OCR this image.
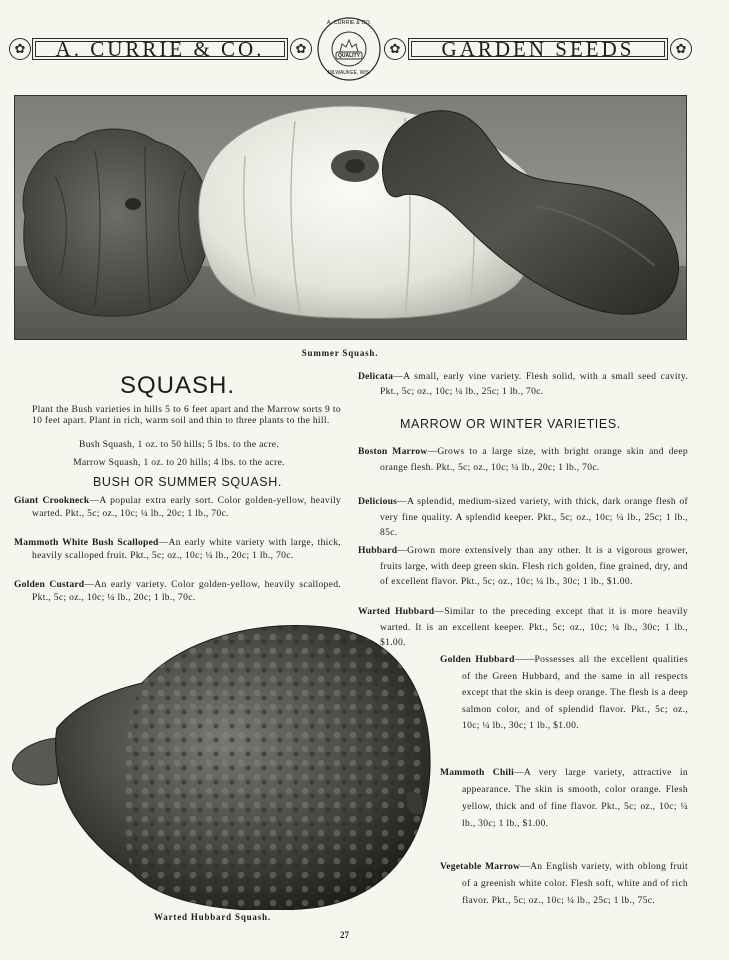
✿ A. CURRIE & CO.	✿
A. CURRIE & CO.
QUALITY
MILWAUKEE, WIS.
✿ GARDEN SEEDS	✿
Summer Squash.
SQUASH.
Plant the Bush varieties in hills 5 to 6 feet apart and the Marrow sorts 9 to 10 feet apart. Plant in rich, warm soil and thin to three plants to the hill.
Bush Squash, 1 oz. to 50 hills; 5 lbs. to the acre.
Marrow Squash, 1 oz. to 20 hills; 4 lbs. to the acre.
BUSH OR SUMMER SQUASH.
Giant Crookneck—A popular extra early sort. Color golden-yellow, heavily warted. Pkt., 5c; oz., 10c; ¼ lb., 20c; 1 lb., 70c.
Mammoth White Bush Scalloped—An early white variety with large, thick, heavily scalloped fruit. Pkt., 5c; oz., 10c; ¼ lb., 20c; 1 lb., 70c.
Golden Custard—An early variety. Color golden-yellow, heavily scalloped. Pkt., 5c; oz., 10c; ¼ lb., 20c; 1 lb., 70c.
Warted Hubbard Squash.
Delicata—A small, early vine variety. Flesh solid, with a small seed cavity. Pkt., 5c; oz., 10c; ¼ lb., 25c; 1 lb., 70c.
MARROW OR WINTER VARIETIES.
Boston Marrow—Grows to a large size, with bright orange skin and deep orange flesh. Pkt., 5c; oz., 10c; ¼ lb., 20c; 1 lb., 70c.
Delicious—A splendid, medium-sized variety, with thick, dark orange flesh of very fine quality. A splendid keeper. Pkt., 5c; oz., 10c; ¼ lb., 25c; 1 lb., 85c.
Hubbard—Grown more extensively than any other. It is a vigorous grower, fruits large, with deep green skin. Flesh rich golden, fine grained, dry, and of excellent flavor. Pkt., 5c; oz., 10c; ¼ lb., 30c; 1 lb., $1.00.
Warted Hubbard—Similar to the preceding except that it is more heavily warted. It is an excellent keeper. Pkt., 5c; oz., 10c; ¼ lb., 30c; 1 lb., $1.00.
Golden Hubbard——Possesses all the excellent qualities of the Green Hubbard, and the same in all respects except that the skin is deep orange. The flesh is a deep salmon color, and of splendid flavor. Pkt., 5c; oz., 10c; ¼ lb., 30c; 1 lb., $1.00.
Mammoth Chili—A very large variety, attractive in appearance. The skin is smooth, color orange. Flesh yellow, thick and of fine flavor. Pkt., 5c; oz., 10c; ¼ lb., 30c; 1 lb., $1.00.
Vegetable Marrow—An English variety, with oblong fruit of a greenish white color. Flesh soft, white and of rich flavor. Pkt., 5c; oz., 10c; ¼ lb., 25c; 1 lb., 75c.
27
